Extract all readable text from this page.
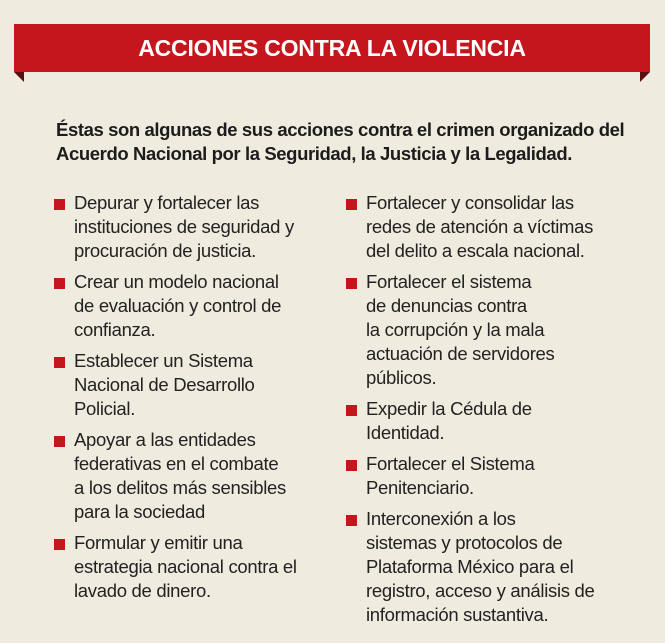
ACCIONES CONTRA LA VIOLENCIA
Éstas son algunas de sus acciones contra el crimen organizado del
Acuerdo Nacional por la Seguridad, la Justicia y la Legalidad.
Depurar y fortalecer las
instituciones de seguridad y
procuración de justicia.
Crear un modelo nacional
de evaluación y control de
confianza.
Establecer un Sistema
Nacional de Desarrollo
Policial.
Apoyar a las entidades
federativas en el combate
a los delitos más sensibles
para la sociedad
Formular y emitir una
estrategia nacional contra el
lavado de dinero.
Fortalecer y consolidar las
redes de atención a víctimas
del delito a escala nacional.
Fortalecer el sistema
de denuncias contra
la corrupción y la mala
actuación de servidores
públicos.
Expedir la Cédula de
Identidad.
Fortalecer el Sistema
Penitenciario.
Interconexión a los
sistemas y protocolos de
Plataforma México para el
registro, acceso y análisis de
información sustantiva.
